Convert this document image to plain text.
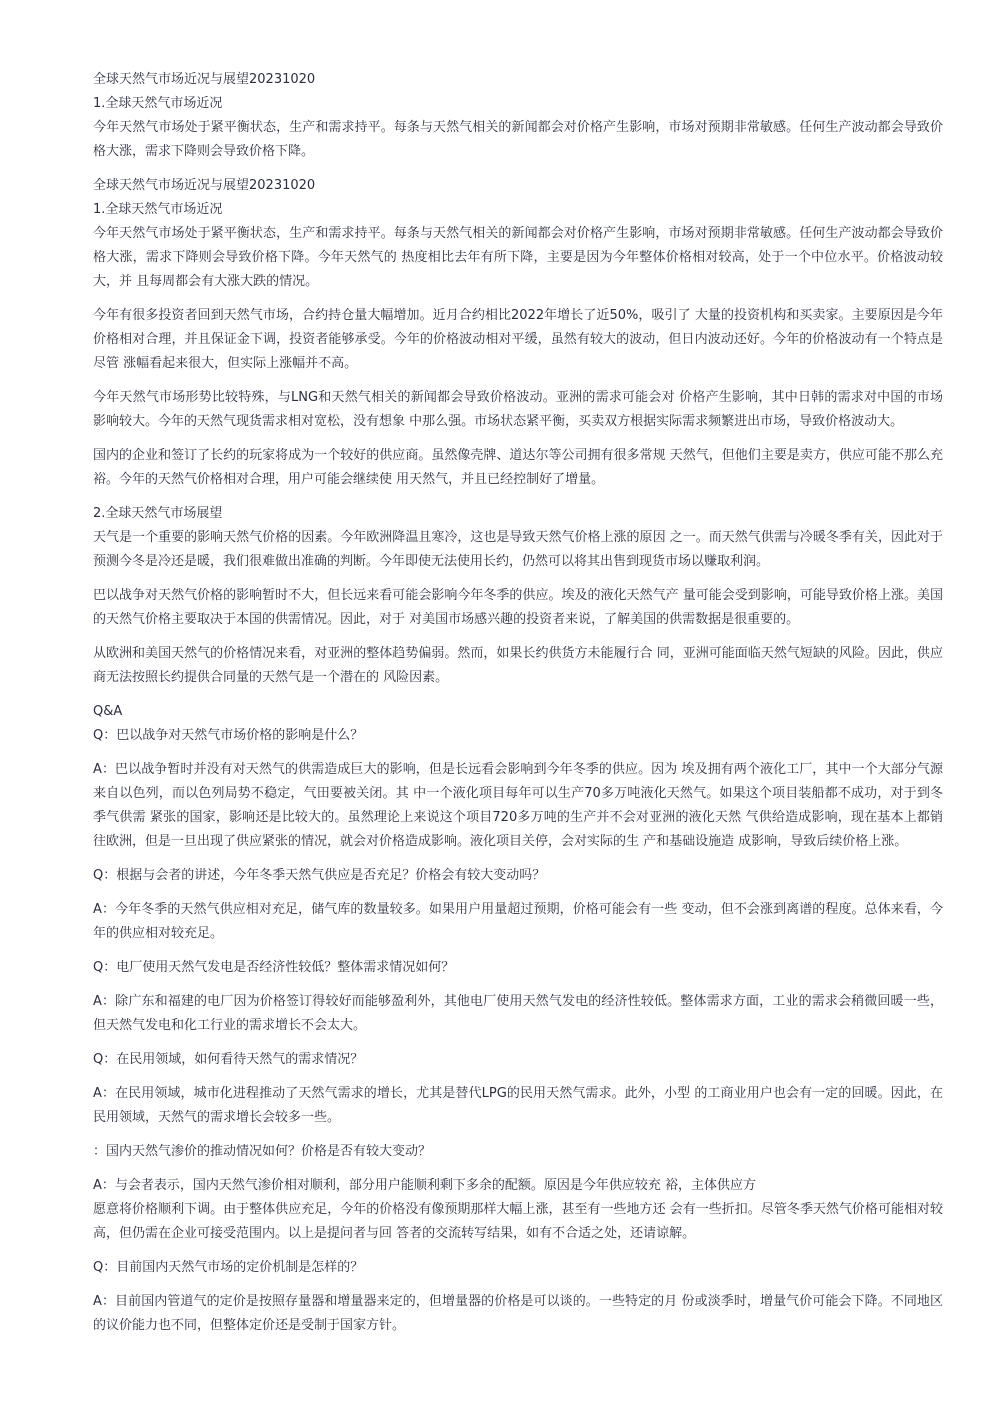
全球天然气市场近况与展望20231020

1.全球天然气市场近况

今年天然气市场处于紧平衡状态，生产和需求持平。每条与天然气相关的新闻都会对价格产生影响，市场对预期非常敏感。任何生产波动都会导致价格大涨，需求下降则会导致价格下降。

全球天然气市场近况与展望20231020

1.全球天然气市场近况

今年天然气市场处于紧平衡状态，生产和需求持平。每条与天然气相关的新闻都会对价格产生影响，市场对预期非常敏感。任何生产波动都会导致价格大涨，需求下降则会导致价格下降。今年天然气的 热度相比去年有所下降，主要是因为今年整体价格相对较高，处于一个中位水平。价格波动较大，并 且每周都会有大涨大跌的情况。

今年有很多投资者回到天然气市场，合约持仓量大幅增加。近月合约相比2022年增长了近50%，吸引了 大量的投资机构和买卖家。主要原因是今年价格相对合理，并且保证金下调，投资者能够承受。今年的价格波动相对平缓，虽然有较大的波动，但日内波动还好。今年的价格波动有一个特点是尽管 涨幅看起来很大，但实际上涨幅并不高。

今年天然气市场形势比较特殊，与LNG和天然气相关的新闻都会导致价格波动。亚洲的需求可能会对 价格产生影响，其中日韩的需求对中国的市场影响较大。今年的天然气现货需求相对宽松，没有想象 中那么强。市场状态紧平衡，买卖双方根据实际需求频繁进出市场，导致价格波动大。

国内的企业和签订了长约的玩家将成为一个较好的供应商。虽然像壳牌、道达尔等公司拥有很多常规 天然气，但他们主要是卖方，供应可能不那么充裕。今年的天然气价格相对合理，用户可能会继续使 用天然气，并且已经控制好了增量。

2.全球天然气市场展望

天气是一个重要的影响天然气价格的因素。今年欧洲降温且寒冷，这也是导致天然气价格上涨的原因 之一。而天然气供需与冷暖冬季有关，因此对于预测今冬是冷还是暖，我们很难做出准确的判断。今年即使无法使用长约，仍然可以将其出售到现货市场以赚取利润。

巴以战争对天然气价格的影响暂时不大，但长远来看可能会影响今年冬季的供应。埃及的液化天然气产 量可能会受到影响，可能导致价格上涨。美国的天然气价格主要取决于本国的供需情况。因此，对于 对美国市场感兴趣的投资者来说，了解美国的供需数据是很重要的。

从欧洲和美国天然气的价格情况来看，对亚洲的整体趋势偏弱。然而，如果长约供货方未能履行合 同，亚洲可能面临天然气短缺的风险。因此，供应商无法按照长约提供合同量的天然气是一个潜在的 风险因素。

Q&A

Q：巴以战争对天然气市场价格的影响是什么？

A：巴以战争暂时并没有对天然气的供需造成巨大的影响，但是长远看会影响到今年冬季的供应。因为 埃及拥有两个液化工厂，其中一个大部分气源来自以色列，而以色列局势不稳定，气田要被关闭。其 中一个液化项目每年可以生产70多万吨液化天然气。如果这个项目装船都不成功，对于到冬季气供需 紧张的国家，影响还是比较大的。虽然理论上来说这个项目720多万吨的生产并不会对亚洲的液化天然 气供给造成影响，现在基本上都销往欧洲，但是一旦出现了供应紧张的情况，就会对价格造成影响。液化项目关停，会对实际的生 产和基础设施造 成影响，导致后续价格上涨。

Q：根据与会者的讲述，今年冬季天然气供应是否充足？价格会有较大变动吗？

A：今年冬季的天然气供应相对充足，储气库的数量较多。如果用户用量超过预期，价格可能会有一些 变动，但不会涨到离谱的程度。总体来看，今年的供应相对较充足。

Q：电厂使用天然气发电是否经济性较低？整体需求情况如何？

A：除广东和福建的电厂因为价格签订得较好而能够盈利外，其他电厂使用天然气发电的经济性较低。整体需求方面，工业的需求会稍微回暖一些，但天然气发电和化工行业的需求增长不会太大。

Q：在民用领域，如何看待天然气的需求情况？

A：在民用领域，城市化进程推动了天然气需求的增长，尤其是替代LPG的民用天然气需求。此外，小型 的工商业用户也会有一定的回暖。因此，在民用领域，天然气的需求增长会较多一些。

：国内天然气渗价的推动情况如何？价格是否有较大变动？

A：与会者表示，国内天然气渗价相对顺利，部分用户能顺利剩下多余的配额。原因是今年供应较充 裕，主体供应方

愿意将价格顺利下调。由于整体供应充足，今年的价格没有像预期那样大幅上涨，甚至有一些地方还 会有一些折扣。尽管冬季天然气价格可能相对较高，但仍需在企业可接受范围内。以上是提问者与回 答者的交流转写结果，如有不合适之处，还请谅解。

Q：目前国内天然气市场的定价机制是怎样的？

A：目前国内管道气的定价是按照存量器和增量器来定的，但增量器的价格是可以谈的。一些特定的月 份或淡季时，增量气价可能会下降。不同地区的议价能力也不同，但整体定价还是受制于国家方针。
